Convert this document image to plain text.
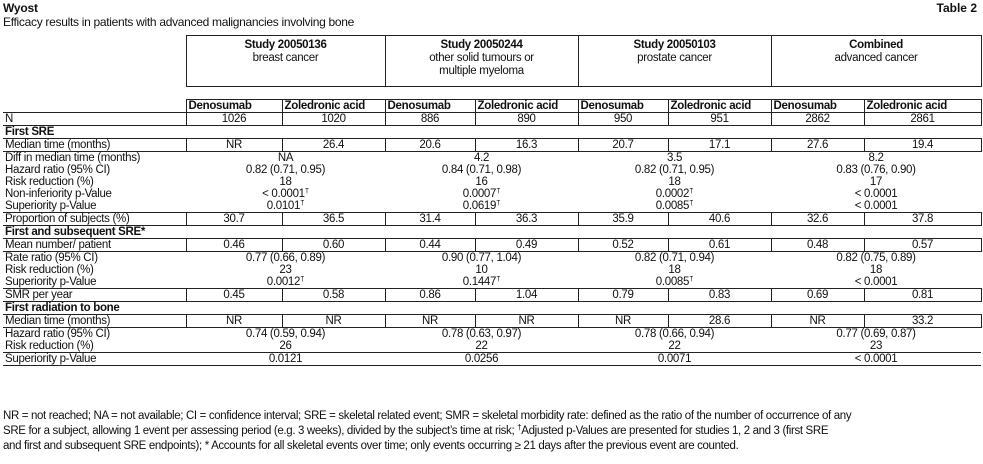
Wyost
Efficacy results in patients with advanced malignancies involving bone
Table 2
	Study 20050136
breast cancer		Study 20050244
other solid tumours or
multiple myeloma		Study 20050103
prostate cancer		Combined
advanced cancer	

	Denosumab	Zoledronic acid	Denosumab	Zoledronic acid	Denosumab	Zoledronic acid	Denosumab	Zoledronic acid
N	1026	1020	886	890	950	951	2862	2861
First SRE								
Median time (months)	NR	26.4	20.6	16.3	20.7	17.1	27.6	19.4
Diff in median time (months)	NA		4.2		3.5		8.2	
Hazard ratio (95% CI)	0.82 (0.71, 0.95)		0.84 (0.71, 0.98)		0.82 (0.71, 0.95)		0.83 (0.76, 0.90)	
Risk reduction (%)	18		16		18		17	
Non-inferiority p-Value	< 0.0001†		0.0007†		0.0002†		< 0.0001	
Superiority p-Value	0.0101†		0.0619†		0.0085†		< 0.0001	
Proportion of subjects (%)	30.7	36.5	31.4	36.3	35.9	40.6	32.6	37.8
First and subsequent SRE*								
Mean number/ patient	0.46	0.60	0.44	0.49	0.52	0.61	0.48	0.57
Rate ratio (95% CI)	0.77 (0.66, 0.89)		0.90 (0.77, 1.04)		0.82 (0.71, 0.94)		0.82 (0.75, 0.89)	
Risk reduction (%)	23		10		18		18	
Superiority p-Value	0.0012†		0.1447†		0.0085†		< 0.0001	
SMR per year	0.45	0.58	0.86	1.04	0.79	0.83	0.69	0.81
First radiation to bone								
Median time (months)	NR	NR	NR	NR	NR	28.6	NR	33.2
Hazard ratio (95% CI)	0.74 (0.59, 0.94)		0.78 (0.63, 0.97)		0.78 (0.66, 0.94)		0.77 (0.69, 0.87)	
Risk reduction (%)	26		22		22		23	
Superiority p-Value	0.0121		0.0256		0.0071		< 0.0001	
NR = not reached; NA = not available; CI = confidence interval; SRE = skeletal related event; SMR = skeletal morbidity rate: defined as the ratio of the number of occurrence of any
SRE for a subject, allowing 1 event per assessing period (e.g. 3 weeks), divided by the subject’s time at risk; †Adjusted p-Values are presented for studies 1, 2 and 3 (first SRE
and first and subsequent SRE endpoints); * Accounts for all skeletal events over time; only events occurring ≥ 21 days after the previous event are counted.
